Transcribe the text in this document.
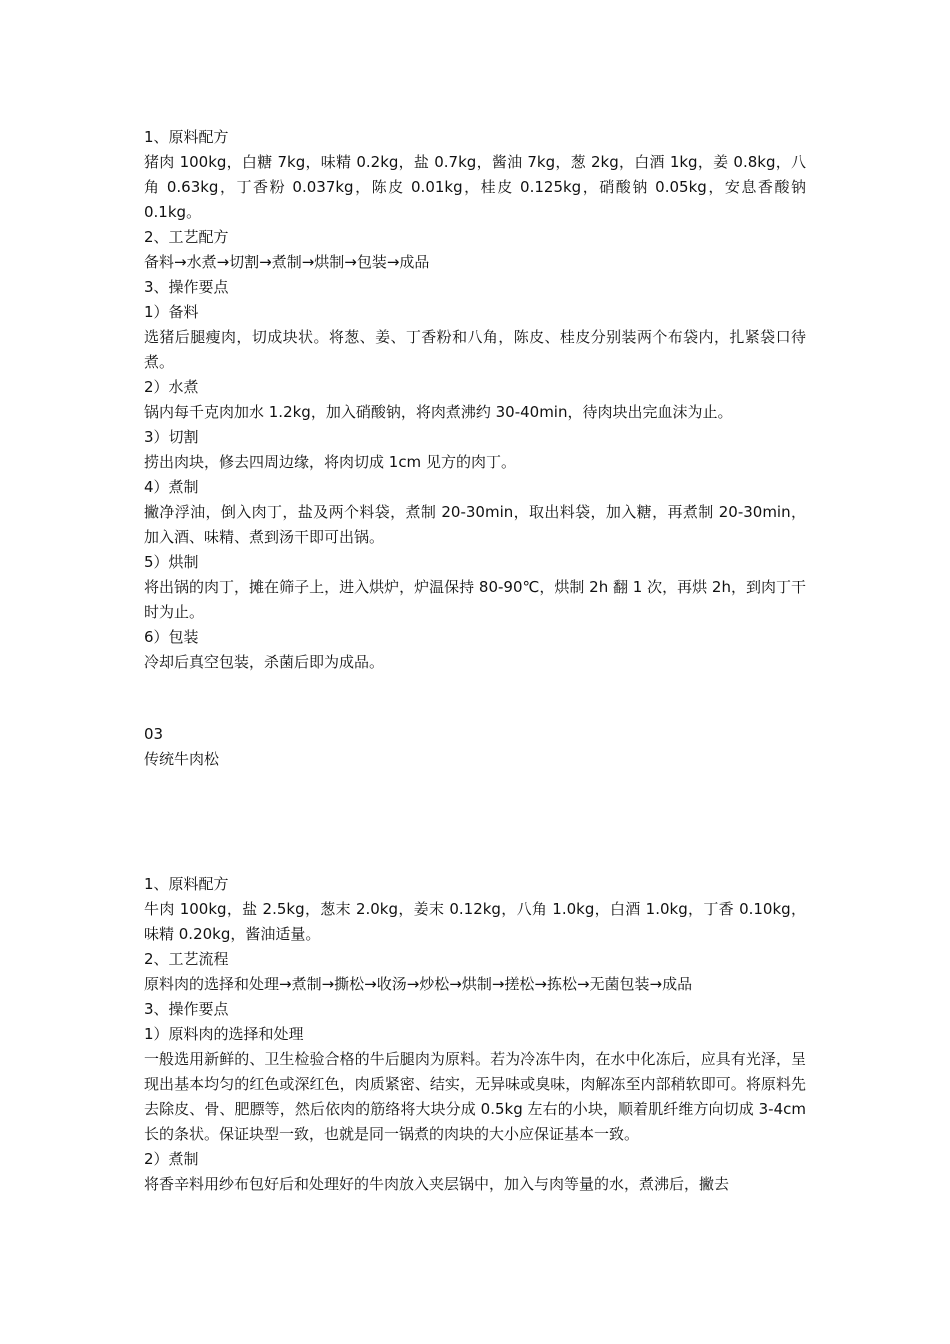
1、原料配方
猪肉 100kg，白糖 7kg，味精 0.2kg，盐 0.7kg，酱油 7kg，葱 2kg，白酒 1kg，姜 0.8kg，八角 0.63kg，丁香粉 0.037kg，陈皮 0.01kg，桂皮 0.125kg，硝酸钠 0.05kg，安息香酸钠 0.1kg。
2、工艺配方
备料→水煮→切割→煮制→烘制→包装→成品
3、操作要点
1）备料
选猪后腿瘦肉，切成块状。将葱、姜、丁香粉和八角，陈皮、桂皮分别装两个布袋内，扎紧袋口待煮。
2）水煮
锅内每千克肉加水 1.2kg，加入硝酸钠，将肉煮沸约 30-40min，待肉块出完血沫为止。
3）切割
捞出肉块，修去四周边缘，将肉切成 1cm 见方的肉丁。
4）煮制
撇净浮油，倒入肉丁，盐及两个料袋，煮制 20-30min，取出料袋，加入糖，再煮制 20-30min，加入酒、味精、煮到汤干即可出锅。
5）烘制
将出锅的肉丁，摊在筛子上，进入烘炉，炉温保持 80-90℃，烘制 2h 翻 1 次，再烘 2h，到肉丁干时为止。
6）包装
冷却后真空包装，杀菌后即为成品。
03
传统牛肉松
1、原料配方
牛肉 100kg，盐 2.5kg，葱末 2.0kg，姜末 0.12kg，八角 1.0kg，白酒 1.0kg，丁香 0.10kg，味精 0.20kg，酱油适量。
2、工艺流程
原料肉的选择和处理→煮制→撕松→收汤→炒松→烘制→搓松→拣松→无菌包装→成品
3、操作要点
1）原料肉的选择和处理
一般选用新鲜的、卫生检验合格的牛后腿肉为原料。若为冷冻牛肉，在水中化冻后，应具有光泽，呈现出基本均匀的红色或深红色，肉质紧密、结实，无异味或臭味，肉解冻至内部稍软即可。将原料先去除皮、骨、肥膘等，然后依肉的筋络将大块分成 0.5kg 左右的小块，顺着肌纤维方向切成 3-4cm 长的条状。保证块型一致，也就是同一锅煮的肉块的大小应保证基本一致。
2）煮制
将香辛料用纱布包好后和处理好的牛肉放入夹层锅中，加入与肉等量的水，煮沸后，撇去
